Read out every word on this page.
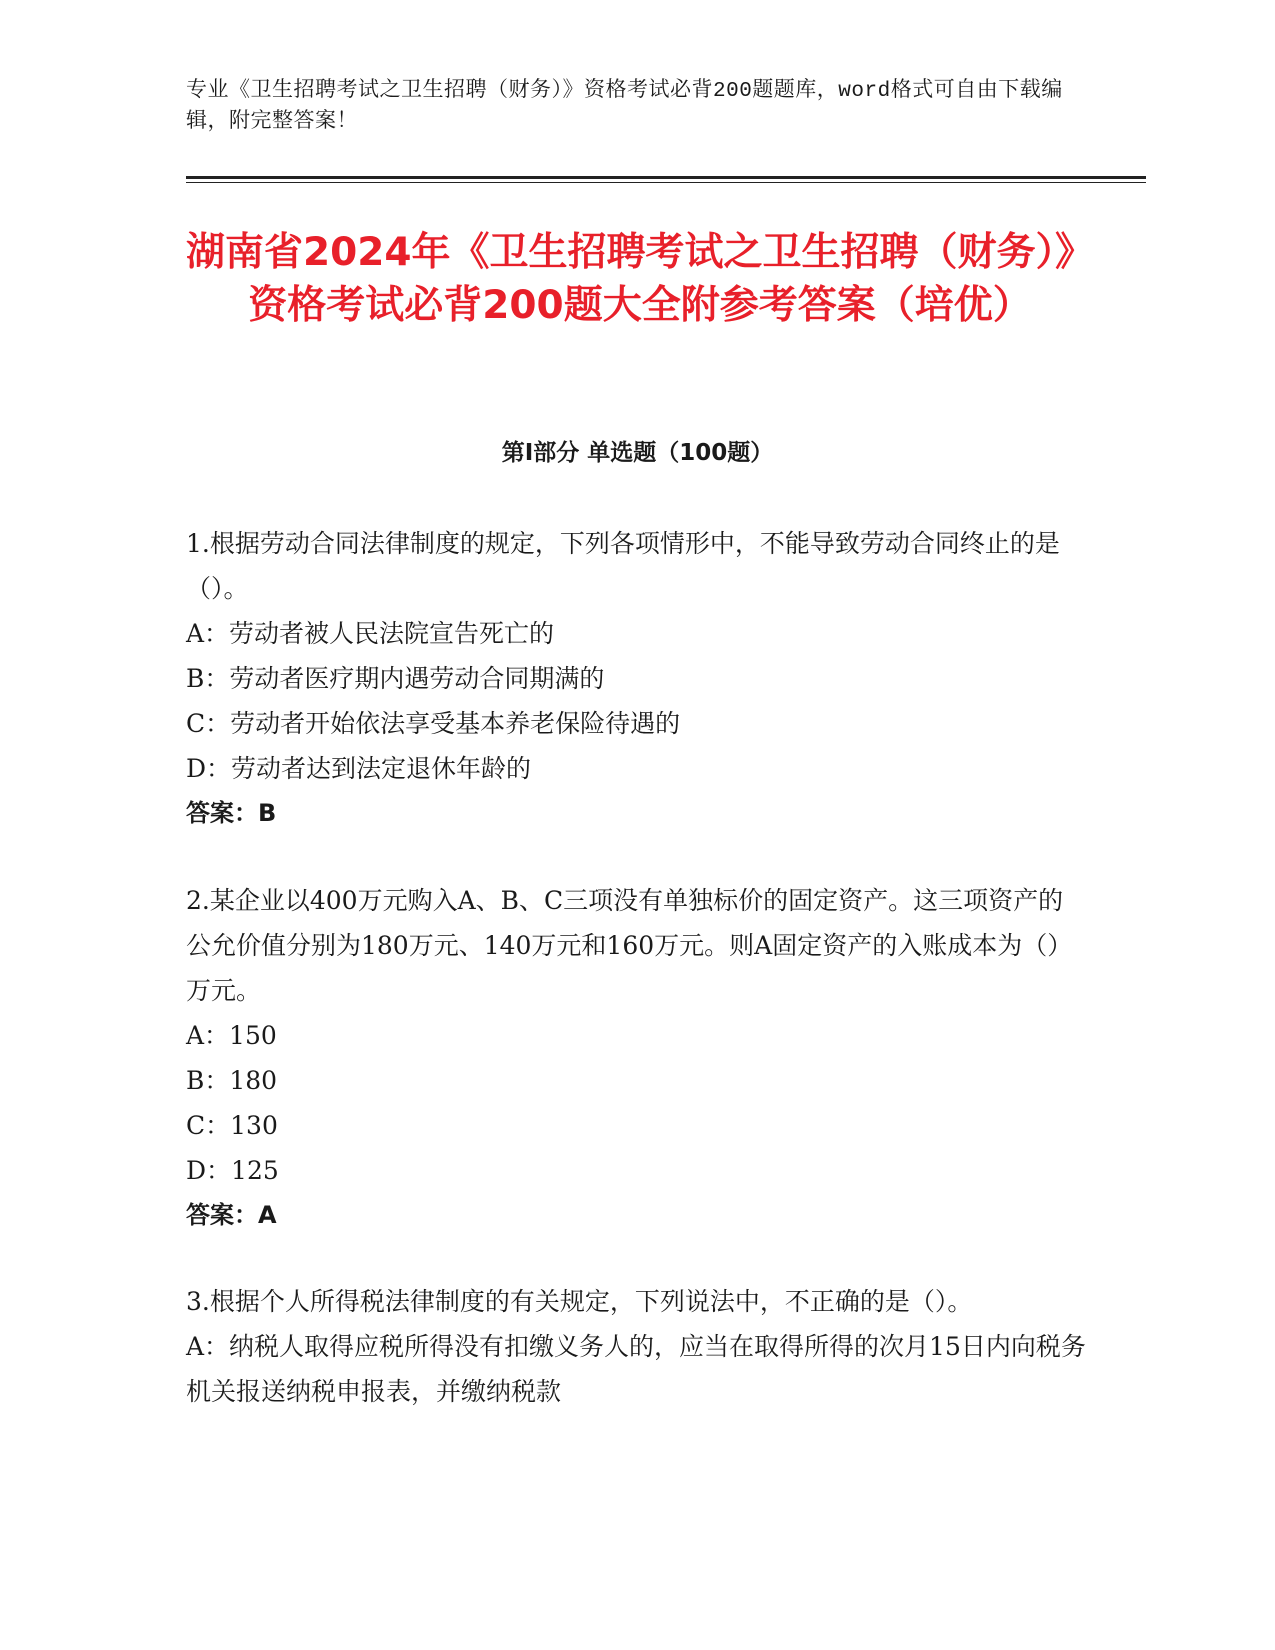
专业《卫生招聘考试之卫生招聘（财务）》资格考试必背200题题库，word格式可自由下载编辑，附完整答案！
湖南省2024年《卫生招聘考试之卫生招聘（财务）》资格考试必背200题大全附参考答案（培优）
第I部分 单选题（100题）

1.根据劳动合同法律制度的规定，下列各项情形中，不能导致劳动合同终止的是（）。

A：劳动者被人民法院宣告死亡的

B：劳动者医疗期内遇劳动合同期满的

C：劳动者开始依法享受基本养老保险待遇的

D：劳动者达到法定退休年龄的

答案：B

2.某企业以400万元购入A、B、C三项没有单独标价的固定资产。这三项资产的公允价值分别为180万元、140万元和160万元。则A固定资产的入账成本为（）万元。

A：150

B：180

C：130

D：125

答案：A

3.根据个人所得税法律制度的有关规定，下列说法中，不正确的是（）。

A：纳税人取得应税所得没有扣缴义务人的，应当在取得所得的次月15日内向税务机关报送纳税申报表，并缴纳税款
